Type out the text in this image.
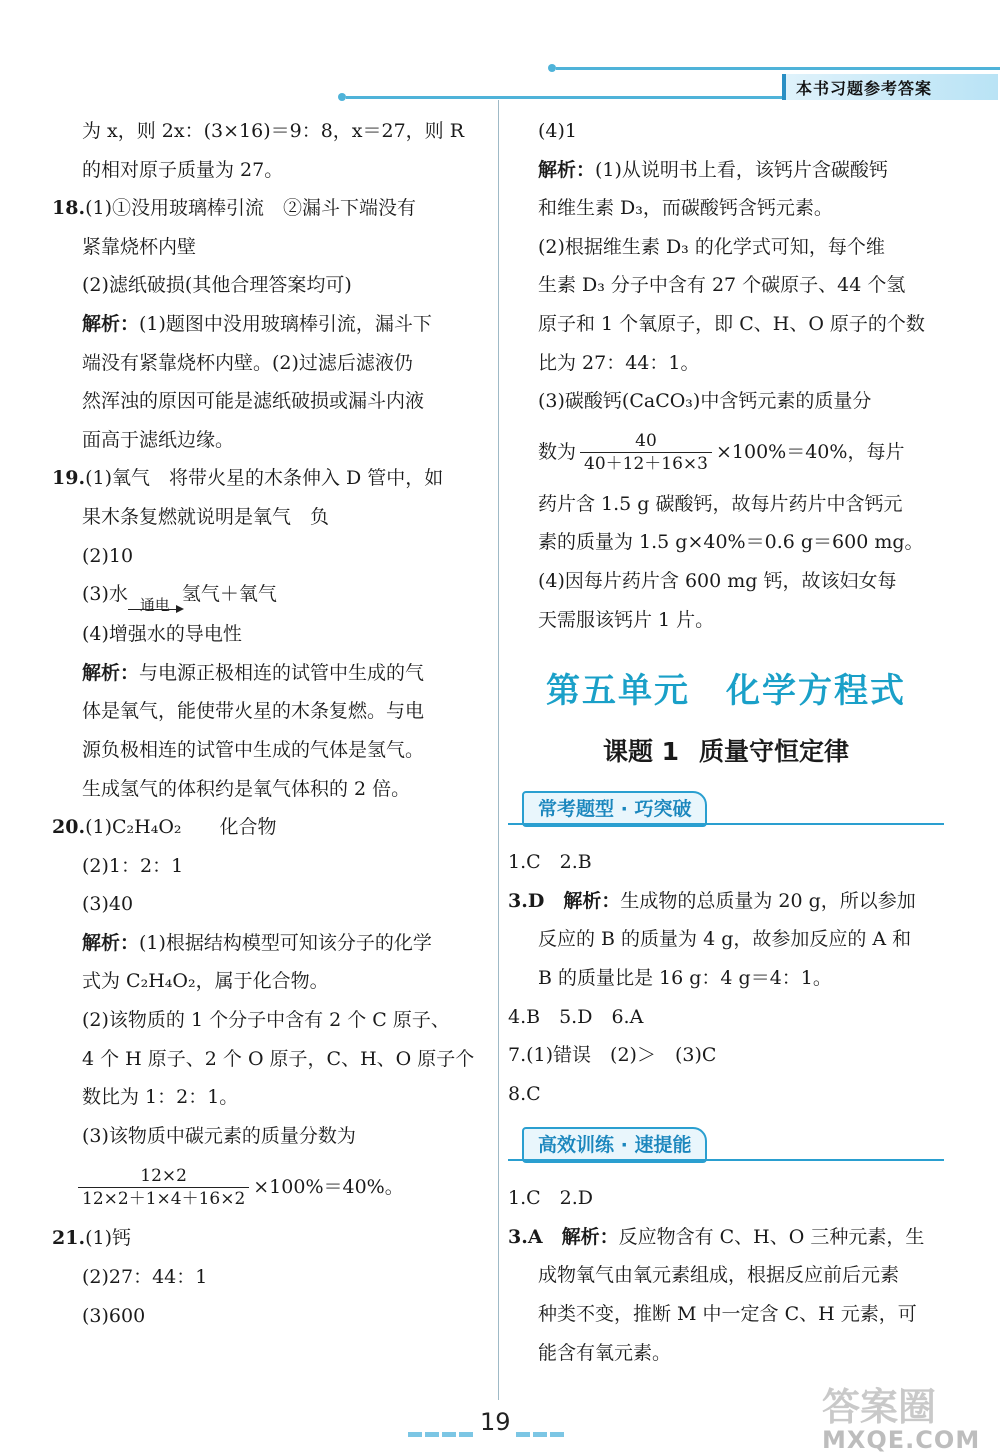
本书习题参考答案
为 x，则 2x：(3×16)＝9：8，x＝27，则 R
的相对原子质量为 27。
18.(1)①没用玻璃棒引流　②漏斗下端没有
紧靠烧杯内壁
(2)滤纸破损(其他合理答案均可)
解析：(1)题图中没用玻璃棒引流，漏斗下
端没有紧靠烧杯内壁。(2)过滤后滤液仍
然浑浊的原因可能是滤纸破损或漏斗内液
面高于滤纸边缘。
19.(1)氧气　将带火星的木条伸入 D 管中，如
果木条复燃就说明是氧气　负
(2)10
(3)水 通电 氢气＋氧气
(4)增强水的导电性
解析：与电源正极相连的试管中生成的气
体是氧气，能使带火星的木条复燃。与电
源负极相连的试管中生成的气体是氢气。
生成氢气的体积约是氧气体积的 2 倍。
20.(1)C₂H₄O₂　　化合物
(2)1：2：1
(3)40
解析：(1)根据结构模型可知该分子的化学
式为 C₂H₄O₂，属于化合物。
(2)该物质的 1 个分子中含有 2 个 C 原子、
4 个 H 原子、2 个 O 原子，C、H、O 原子个
数比为 1：2：1。
(3)该物质中碳元素的质量分数为
$\frac{12\times 2}{12\times 2+1\times 4+16\times 2} \times 100\%=40\%$。
21.(1)钙
(2)27：44：1
(3)600
(4)1
解析：(1)从说明书上看，该钙片含碳酸钙
和维生素 D₃，而碳酸钙含钙元素。
(2)根据维生素 D₃ 的化学式可知，每个维
生素 D₃ 分子中含有 27 个碳原子、44 个氢
原子和 1 个氧原子，即 C、H、O 原子的个数
比为 27：44：1。
(3)碳酸钙(CaCO₃)中含钙元素的质量分
数为 $\frac{40}{40+12+16\times 3} \times 100\%=40\%$，每片
药片含 1.5 g 碳酸钙，故每片药片中含钙元
素的质量为 1.5 g×40%＝0.6 g＝600 mg。
(4)因每片药片含 600 mg 钙，故该妇女每
天需服该钙片 1 片。
第五单元 化学方程式
课题 1 质量守恒定律
常考题型 · 巧突破
1.C　2.B
3.D　 解析：生成物的总质量为 20 g，所以参加
反应的 B 的质量为 4 g，故参加反应的 A 和
B 的质量比是 16 g：4 g＝4：1。
4.B　5.D　6.A
7.(1)错误　(2)＞　(3)C
8.C
高效训练 · 速提能
1.C　2.D
3.A　 解析：反应物含有 C、H、O 三种元素，生
成物氧气由氧元素组成，根据反应前后元素
种类不变，推断 M 中一定含 C、H 元素，可
能含有氧元素。
19	答案圈
MXQE.COM
